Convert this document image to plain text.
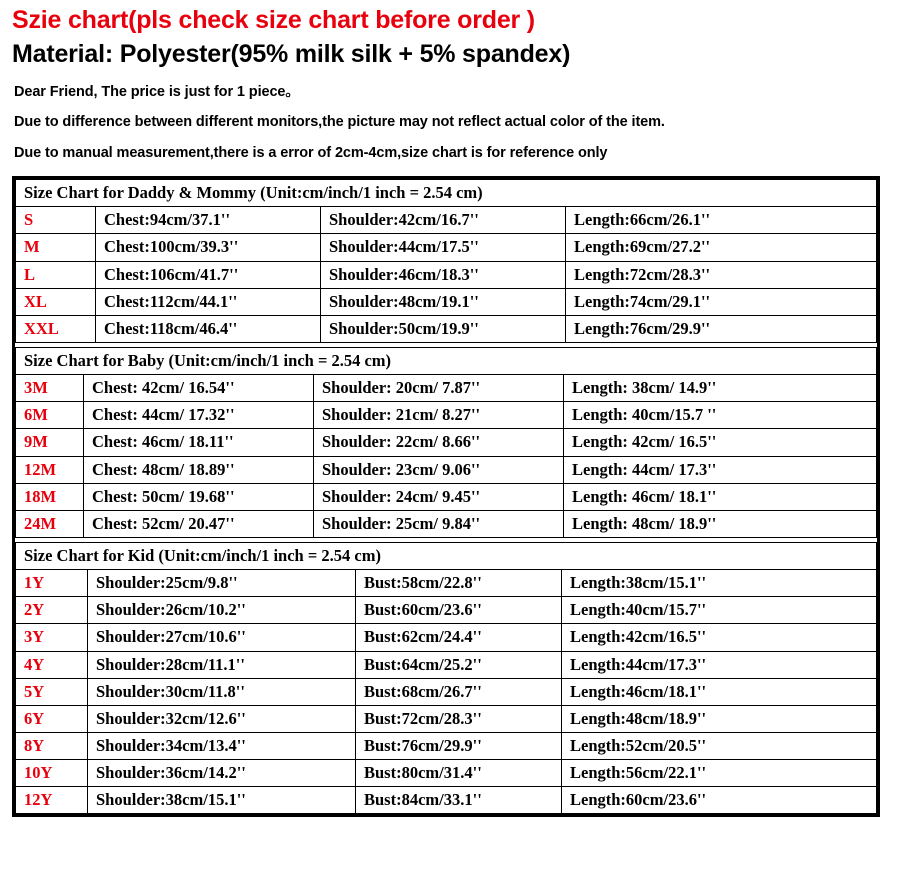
Szie chart(pls check size chart before order )
Material: Polyester(95% milk silk + 5% spandex)
Dear Friend, The price is just for 1 piece。
Due to difference between different monitors,the picture may not reflect actual color of the item.
Due to manual measurement,there is a error of 2cm-4cm,size chart is for reference only
Size Chart for Daddy & Mommy (Unit:cm/inch/1 inch = 2.54 cm)			
S	Chest:94cm/37.1''	Shoulder:42cm/16.7''	Length:66cm/26.1''
M	Chest:100cm/39.3''	Shoulder:44cm/17.5''	Length:69cm/27.2''
L	Chest:106cm/41.7''	Shoulder:46cm/18.3''	Length:72cm/28.3''
XL	Chest:112cm/44.1''	Shoulder:48cm/19.1''	Length:74cm/29.1''
XXL	Chest:118cm/46.4''	Shoulder:50cm/19.9''	Length:76cm/29.9''
Size Chart for Baby (Unit:cm/inch/1 inch = 2.54 cm)			
3M	Chest: 42cm/ 16.54''	Shoulder: 20cm/ 7.87''	Length: 38cm/ 14.9''
6M	Chest: 44cm/ 17.32''	Shoulder: 21cm/ 8.27''	Length: 40cm/15.7 ''
9M	Chest: 46cm/ 18.11''	Shoulder: 22cm/ 8.66''	Length: 42cm/ 16.5''
12M	Chest: 48cm/ 18.89''	Shoulder: 23cm/ 9.06''	Length: 44cm/ 17.3''
18M	Chest: 50cm/ 19.68''	Shoulder: 24cm/ 9.45''	Length: 46cm/ 18.1''
24M	Chest: 52cm/ 20.47''	Shoulder: 25cm/ 9.84''	Length: 48cm/ 18.9''
Size Chart for Kid (Unit:cm/inch/1 inch = 2.54 cm)			
1Y	Shoulder:25cm/9.8''	Bust:58cm/22.8''	Length:38cm/15.1''
2Y	Shoulder:26cm/10.2''	Bust:60cm/23.6''	Length:40cm/15.7''
3Y	Shoulder:27cm/10.6''	Bust:62cm/24.4''	Length:42cm/16.5''
4Y	Shoulder:28cm/11.1''	Bust:64cm/25.2''	Length:44cm/17.3''
5Y	Shoulder:30cm/11.8''	Bust:68cm/26.7''	Length:46cm/18.1''
6Y	Shoulder:32cm/12.6''	Bust:72cm/28.3''	Length:48cm/18.9''
8Y	Shoulder:34cm/13.4''	Bust:76cm/29.9''	Length:52cm/20.5''
10Y	Shoulder:36cm/14.2''	Bust:80cm/31.4''	Length:56cm/22.1''
12Y	Shoulder:38cm/15.1''	Bust:84cm/33.1''	Length:60cm/23.6''
